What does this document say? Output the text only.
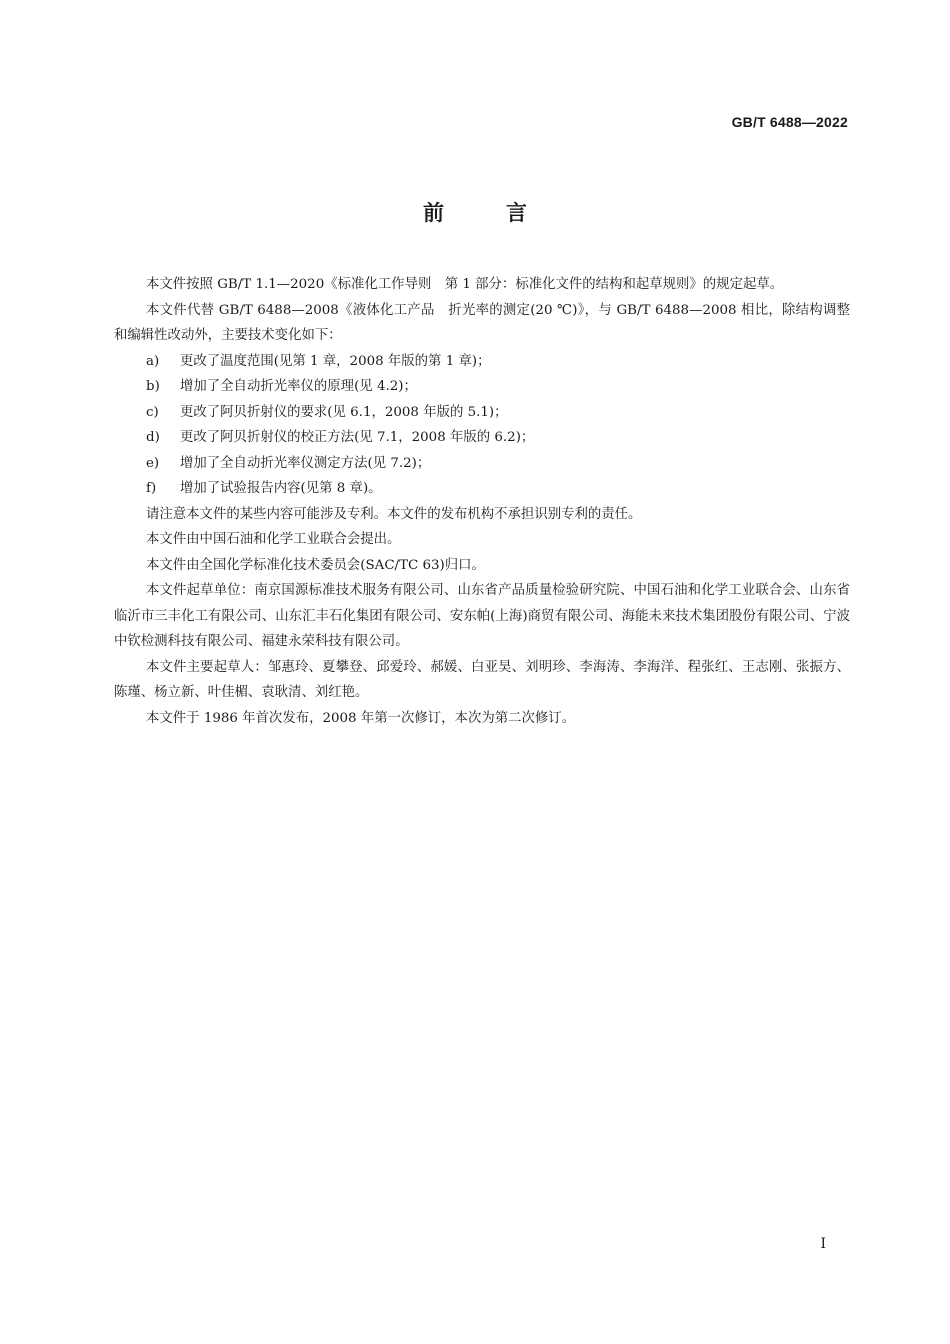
GB/T 6488—2022
前言

本文件按照 GB/T 1.1—2020《标准化工作导则　第 1 部分：标准化文件的结构和起草规则》的规定起草。

本文件代替 GB/T 6488—2008《液体化工产品　折光率的测定(20 ℃)》，与 GB/T 6488—2008 相比，除结构调整和编辑性改动外，主要技术变化如下：

a) 更改了温度范围(见第 1 章，2008 年版的第 1 章)；

b) 增加了全自动折光率仪的原理(见 4.2)；

c) 更改了阿贝折射仪的要求(见 6.1，2008 年版的 5.1)；

d) 更改了阿贝折射仪的校正方法(见 7.1，2008 年版的 6.2)；

e) 增加了全自动折光率仪测定方法(见 7.2)；

f) 增加了试验报告内容(见第 8 章)。

请注意本文件的某些内容可能涉及专利。本文件的发布机构不承担识别专利的责任。

本文件由中国石油和化学工业联合会提出。

本文件由全国化学标准化技术委员会(SAC/TC 63)归口。

本文件起草单位：南京国源标准技术服务有限公司、山东省产品质量检验研究院、中国石油和化学工业联合会、山东省临沂市三丰化工有限公司、山东汇丰石化集团有限公司、安东帕(上海)商贸有限公司、海能未来技术集团股份有限公司、宁波中钦检测科技有限公司、福建永荣科技有限公司。

本文件主要起草人：邹惠玲、夏攀登、邱爱玲、郝媛、白亚昊、刘明珍、李海涛、李海洋、程张红、王志刚、张振方、陈瑾、杨立新、叶佳楣、袁耿清、刘红艳。

本文件于 1986 年首次发布，2008 年第一次修订，本次为第二次修订。

I
